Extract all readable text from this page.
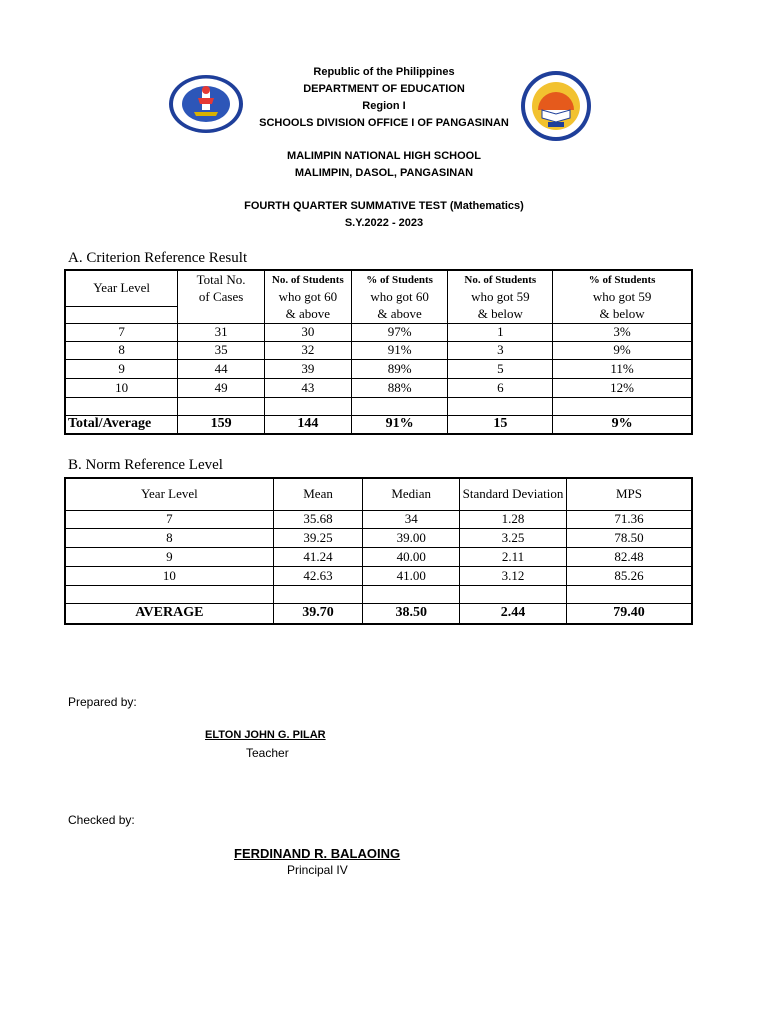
Republic of the Philippines
DEPARTMENT OF EDUCATION
Region I
SCHOOLS DIVISION OFFICE I OF PANGASINAN
MALIMPIN NATIONAL HIGH SCHOOL
MALIMPIN, DASOL, PANGASINAN
FOURTH QUARTER SUMMATIVE TEST (Mathematics)
S.Y.2022 - 2023
A. Criterion Reference Result
Year Level	Total No.	No. of Students	% of Students	No. of Students	% of Students
	of Cases	who got 60	who got 60	who got 59	who got 59
		& above	& above	& below	& below
7	31	30	97%	1	3%
8	35	32	91%	3	9%
9	44	39	89%	5	11%
10	49	43	88%	6	12%

Total/Average	159	144	91%	15	9%
B. Norm Reference Level
Year Level	Mean	Median	Standard Deviation	MPS
7	35.68	34	1.28	71.36
8	39.25	39.00	3.25	78.50
9	41.24	40.00	2.11	82.48
10	42.63	41.00	3.12	85.26

AVERAGE	39.70	38.50	2.44	79.40
Prepared by:
ELTON JOHN G. PILAR
Teacher
Checked by:
FERDINAND R. BALAOING
Principal IV
